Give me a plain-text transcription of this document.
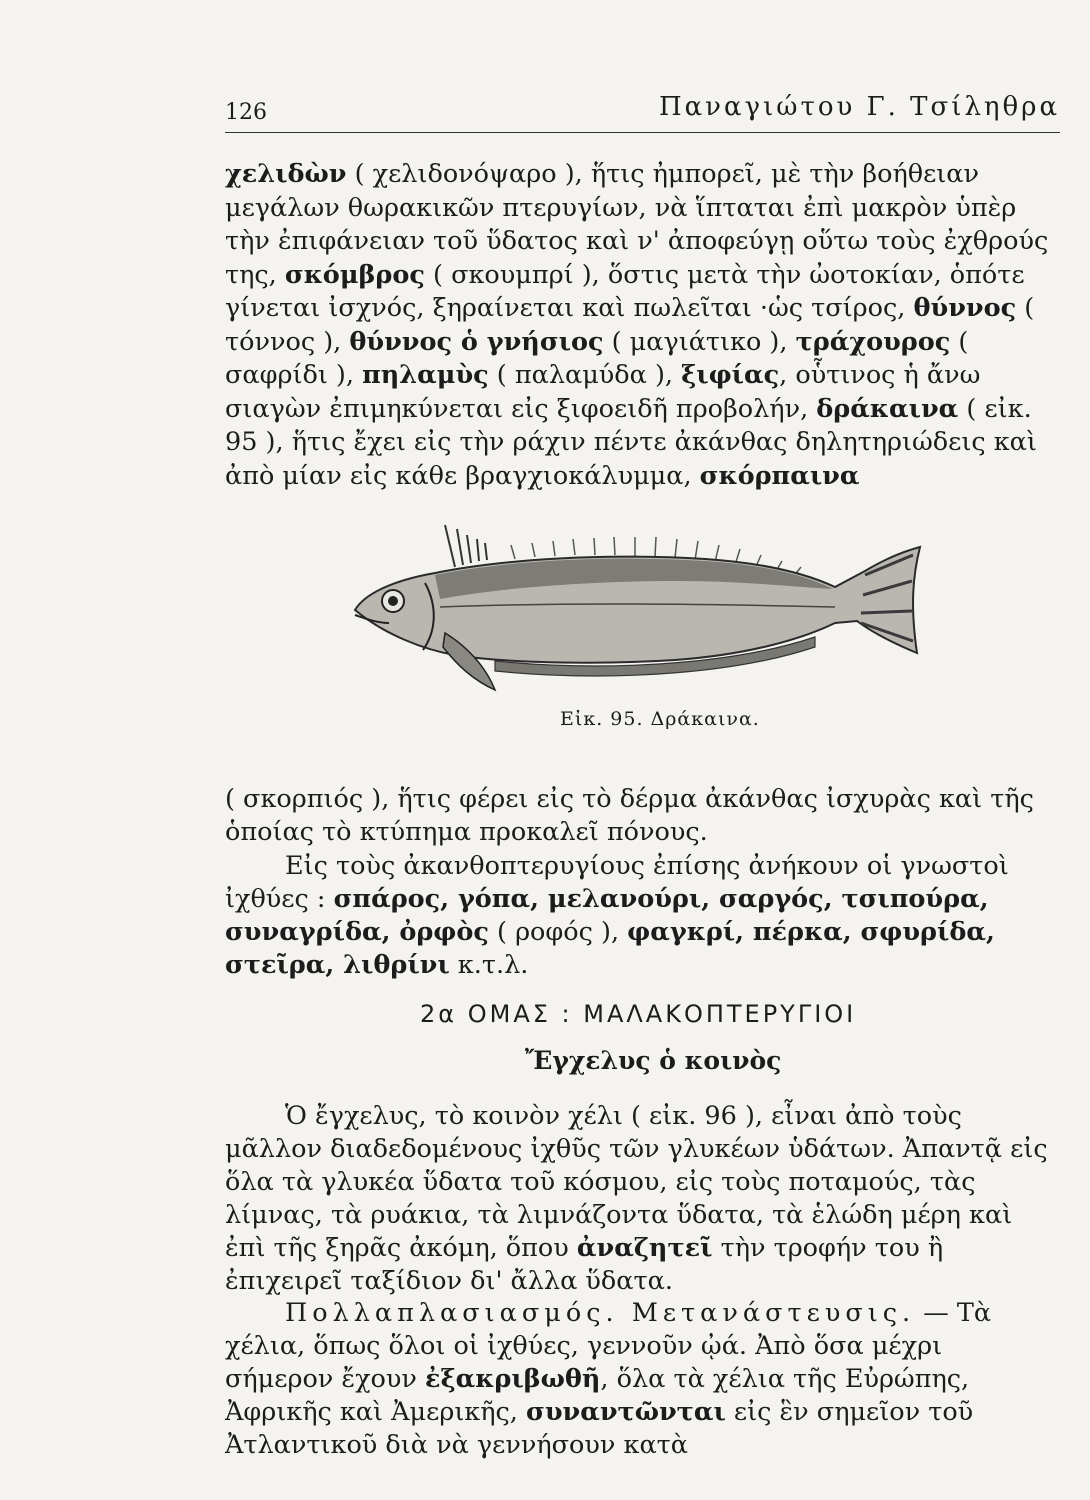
126	Παναγιώτου Γ. Τσίληθρα

χελιδὼν ( χελιδονόψαρο ), ἥτις ἠμπορεῖ, μὲ τὴν βοήθειαν μεγάλων θωρακικῶν πτερυγίων, νὰ ἵπταται ἐπὶ μακρὸν ὑπὲρ τὴν ἐπιφάνειαν τοῦ ὕδατος καὶ ν' ἀποφεύγῃ οὕτω τοὺς ἐχθρούς της, σκόμβρος ( σκουμπρί ), ὅστις μετὰ τὴν ὠοτοκίαν, ὁπότε γίνεται ἰσχνός, ξηραίνεται καὶ πωλεῖται ·ὡς τσίρος, θύννος ( τόννος ), θύννος ὁ γνήσιος ( μαγιάτικο ), τράχουρος ( σαφρίδι ), πηλαμὺς ( παλαμύδα ), ξιφίας, οὗτινος ἡ ἄνω σιαγὼν ἐπιμηκύνεται εἰς ξιφοειδῆ προβολήν, δράκαινα ( εἰκ. 95 ), ἥτις ἔχει εἰς τὴν ράχιν πέντε ἀκάνθας δηλητηριώδεις καὶ ἀπὸ μίαν εἰς κάθε βραγχιοκάλυμμα, σκόρπαινα

Εἰκ. 95. Δράκαινα.

( σκορπιός ), ἥτις φέρει εἰς τὸ δέρμα ἀκάνθας ἰσχυρὰς καὶ τῆς ὁποίας τὸ κτύπημα προκαλεῖ πόνους.

Εἰς τοὺς ἀκανθοπτερυγίους ἐπίσης ἀνήκουν οἱ γνωστοὶ ἰχθύες : σπάρος, γόπα, μελανούρι, σαργός, τσιπούρα, συναγρίδα, ὀρφὸς ( ροφός ), φαγκρί, πέρκα, σφυρίδα, στεῖρα, λιθρίνι κ.τ.λ.

2α ΟΜΑΣ : ΜΑΛΑΚΟΠΤΕΡΥΓΙΟΙ
Ἔγχελυς ὁ κοινὸς

Ὁ ἔγχελυς, τὸ κοινὸν χέλι ( εἰκ. 96 ), εἶναι ἀπὸ τοὺς μᾶλλον διαδεδομένους ἰχθῦς τῶν γλυκέων ὑδάτων. Ἀπαντᾷ εἰς ὅλα τὰ γλυκέα ὕδατα τοῦ κόσμου, εἰς τοὺς ποταμούς, τὰς λίμνας, τὰ ρυάκια, τὰ λιμνάζοντα ὕδατα, τὰ ἑλώδη μέρη καὶ ἐπὶ τῆς ξηρᾶς ἀκόμη, ὅπου ἀναζητεῖ τὴν τροφήν του ἢ ἐπιχειρεῖ ταξίδιον δι' ἄλλα ὕδατα.

Πολλαπλασιασμός. Μετανάστευσις. — Τὰ χέλια, ὅπως ὅλοι οἱ ἰχθύες, γεννοῦν ᾠά. Ἀπὸ ὅσα μέχρι σήμερον ἔχουν ἐξακριβωθῆ, ὅλα τὰ χέλια τῆς Εὐρώπης, Ἀφρικῆς καὶ Ἀμερικῆς, συναντῶνται εἰς ἓν σημεῖον τοῦ Ἀτλαντικοῦ διὰ νὰ γεννήσουν κατὰ
